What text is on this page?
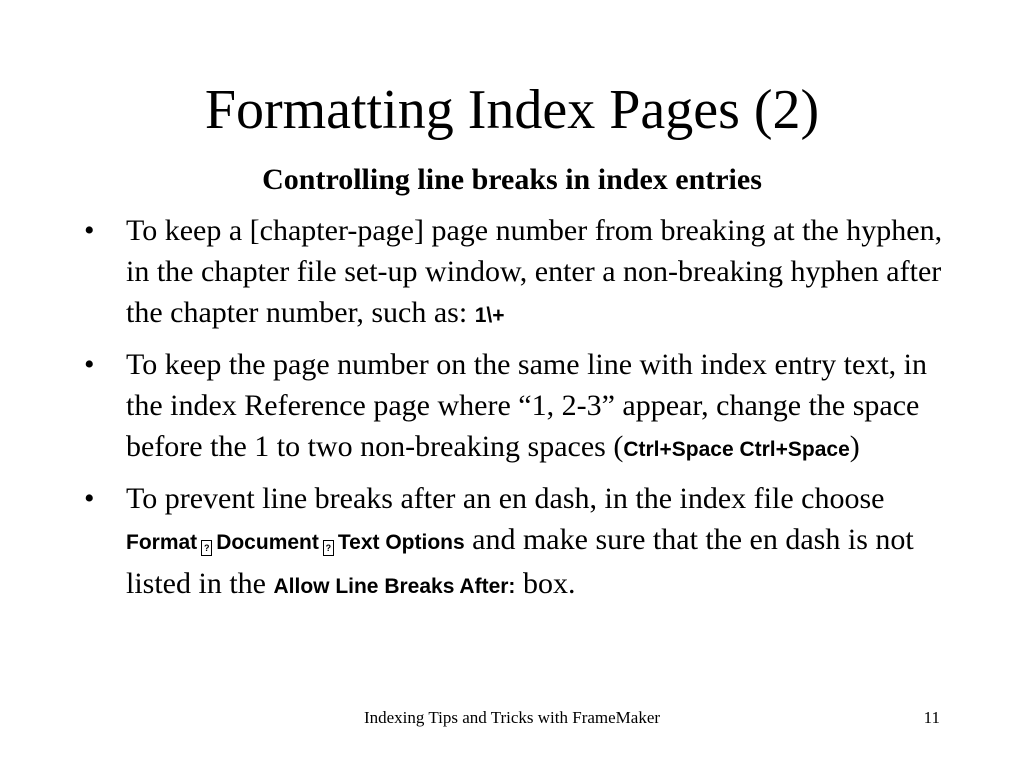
Formatting Index Pages (2)
Controlling line breaks in index entries
• To keep a [chapter-page] page number from breaking at the hyphen, in the chapter file set-up window, enter a non-breaking hyphen after the chapter number, such as: 1\+
• To keep the page number on the same line with index entry text, in the index Reference page where “1, 2-3” appear, change the space before the 1 to two non-breaking spaces (Ctrl+Space Ctrl+Space)
• To prevent line breaks after an en dash, in the index file choose Format ? Document ? Text Options and make sure that the en dash is not listed in the Allow Line Breaks After: box.
Indexing Tips and Tricks with FrameMaker	11
